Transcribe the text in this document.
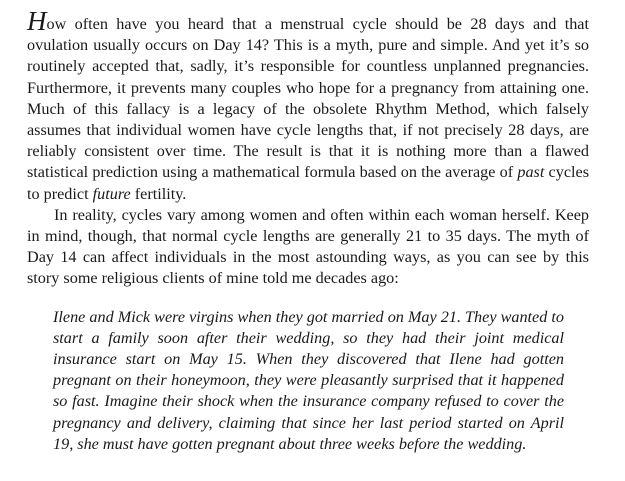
How often have you heard that a menstrual cycle should be 28 days and that ovulation usually occurs on Day 14? This is a myth, pure and simple. And yet it’s so routinely accepted that, sadly, it’s responsible for countless unplanned pregnancies. Furthermore, it prevents many couples who hope for a pregnancy from attaining one. Much of this fallacy is a legacy of the obsolete Rhythm Method, which falsely assumes that individual women have cycle lengths that, if not precisely 28 days, are reliably consistent over time. The result is that it is nothing more than a flawed statistical prediction using a mathematical formula based on the average of past cycles to predict future fertility.

In reality, cycles vary among women and often within each woman herself. Keep in mind, though, that normal cycle lengths are generally 21 to 35 days. The myth of Day 14 can affect individuals in the most astounding ways, as you can see by this story some religious clients of mine told me decades ago:

Ilene and Mick were virgins when they got married on May 21. They wanted to start a family soon after their wedding, so they had their joint medical insurance start on May 15. When they discovered that Ilene had gotten pregnant on their honeymoon, they were pleasantly surprised that it happened so fast. Imagine their shock when the insurance company refused to cover the pregnancy and delivery, claiming that since her last period started on April 19, she must have gotten pregnant about three weeks before the wedding.
